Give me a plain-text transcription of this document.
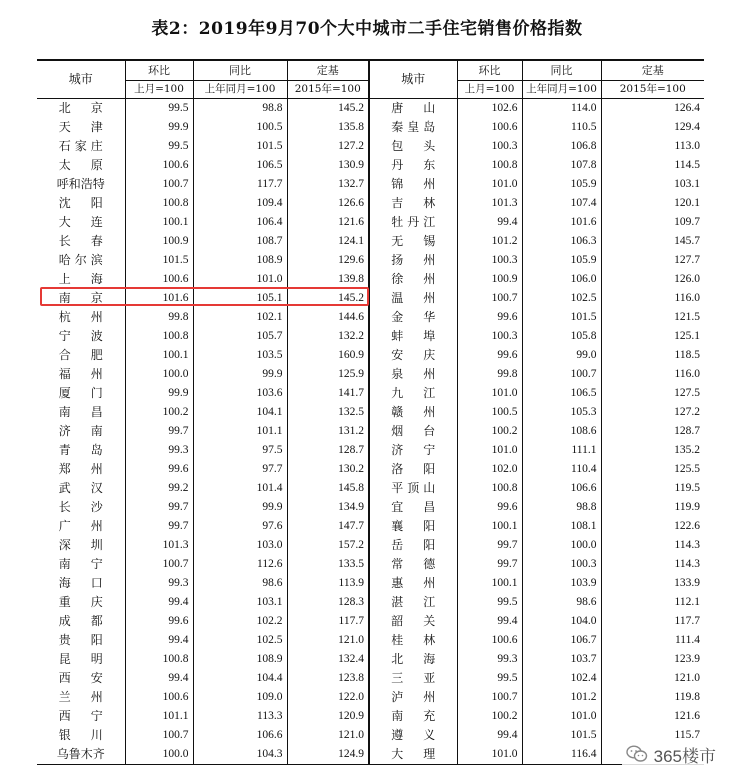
表2：2019年9月70个大中城市二手住宅销售价格指数
城市	环比	同比	定基	城市	环比	同比	定基
	上月=100	上年同月=100	2015年=100		上月=100	上年同月=100	2015年=100

北 京	99.5	98.8	145.2	唐 山	102.6	114.0	126.4

天 津	99.9	100.5	135.8	秦 皇 岛	100.6	110.5	129.4

石 家 庄	99.5	101.5	127.2	包 头	100.3	106.8	113.0

太 原	100.6	106.5	130.9	丹 东	100.8	107.8	114.5
呼和浩特	100.7	117.7	132.7	锦 州	101.0	105.9	103.1

沈 阳	100.8	109.4	126.6	吉 林	101.3	107.4	120.1

大 连	100.1	106.4	121.6	牡 丹 江	99.4	101.6	109.7

长 春	100.9	108.7	124.1	无 锡	101.2	106.3	145.7

哈 尔 滨	101.5	108.9	129.6	扬 州	100.3	105.9	127.7

上 海	100.6	101.0	139.8	徐 州	100.9	106.0	126.0

南 京	101.6	105.1	145.2	温 州	100.7	102.5	116.0

杭 州	99.8	102.1	144.6	金 华	99.6	101.5	121.5

宁 波	100.8	105.7	132.2	蚌 埠	100.3	105.8	125.1

合 肥	100.1	103.5	160.9	安 庆	99.6	99.0	118.5

福 州	100.0	99.9	125.9	泉 州	99.8	100.7	116.0

厦 门	99.9	103.6	141.7	九 江	101.0	106.5	127.5

南 昌	100.2	104.1	132.5	赣 州	100.5	105.3	127.2

济 南	99.7	101.1	131.2	烟 台	100.2	108.6	128.7

青 岛	99.3	97.5	128.7	济 宁	101.0	111.1	135.2

郑 州	99.6	97.7	130.2	洛 阳	102.0	110.4	125.5

武 汉	99.2	101.4	145.8	平 顶 山	100.8	106.6	119.5

长 沙	99.7	99.9	134.9	宜 昌	99.6	98.8	119.9

广 州	99.7	97.6	147.7	襄 阳	100.1	108.1	122.6

深 圳	101.3	103.0	157.2	岳 阳	99.7	100.0	114.3

南 宁	100.7	112.6	133.5	常 德	99.7	100.3	114.3

海 口	99.3	98.6	113.9	惠 州	100.1	103.9	133.9

重 庆	99.4	103.1	128.3	湛 江	99.5	98.6	112.1

成 都	99.6	102.2	117.7	韶 关	99.4	104.0	117.7

贵 阳	99.4	102.5	121.0	桂 林	100.6	106.7	111.4

昆 明	100.8	108.9	132.4	北 海	99.3	103.7	123.9

西 安	99.4	104.4	123.8	三 亚	99.5	102.4	121.0

兰 州	100.6	109.0	122.0	泸 州	100.7	101.2	119.8

西 宁	101.1	113.3	120.9	南 充	100.2	101.0	121.6

银 川	100.7	106.6	121.0	遵 义	99.4	101.5	115.7
乌鲁木齐	100.0	104.3	124.9	大 理	101.0	116.4		365楼市
